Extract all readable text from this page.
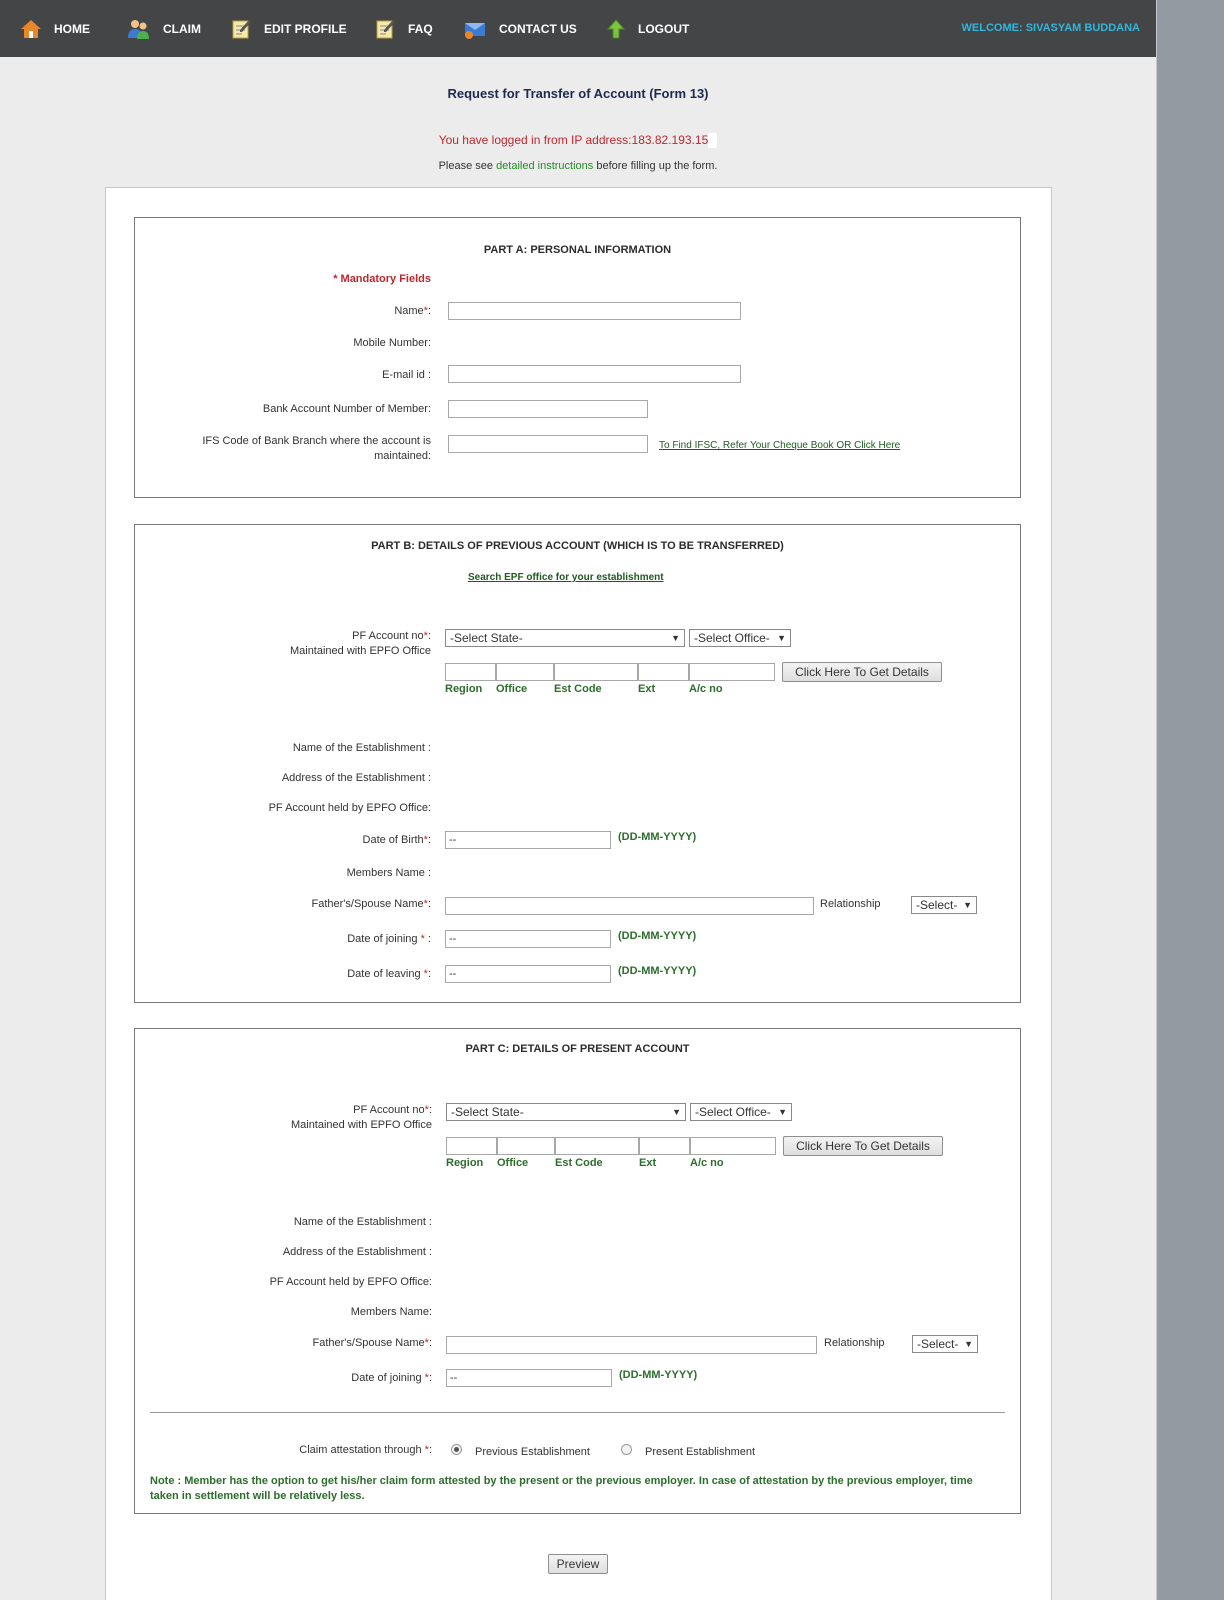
HOME	CLAIM	EDIT PROFILE	FAQ	CONTACT US	LOGOUT	WELCOME: SIVASYAM BUDDANA
Request for Transfer of Account (Form 13)
You have logged in from IP address:183.82.193.15
Please see detailed instructions before filling up the form.
PART A: PERSONAL INFORMATION
* Mandatory Fields
Name*:
Mobile Number:
E-mail id :
Bank Account Number of Member:
IFS Code of Bank Branch where the account is maintained:
To Find IFSC, Refer Your Cheque Book OR Click Here
PART B: DETAILS OF PREVIOUS ACCOUNT (WHICH IS TO BE TRANSFERRED)
Search EPF office for your establishment
PF Account no*:
Maintained with EPFO Office
-Select State-	▼	-Select Office- ▼
Click Here To Get Details
Region Office Est Code	Ext	A/c no
Name of the Establishment :
Address of the Establishment :
PF Account held by EPFO Office:
Date of Birth*:
--	(DD-MM-YYYY)
Members Name :
Father's/Spouse Name*:	Relationship	-Select- ▼
Date of joining * :
--	(DD-MM-YYYY)
Date of leaving *:
--	(DD-MM-YYYY)
PART C: DETAILS OF PRESENT ACCOUNT
PF Account no*:
Maintained with EPFO Office
-Select State-	▼	-Select Office- ▼
Click Here To Get Details
Region Office Est Code	Ext	A/c no
Name of the Establishment :
Address of the Establishment :
PF Account held by EPFO Office:
Members Name:
Father's/Spouse Name*:	Relationship	-Select- ▼
Date of joining *:
--	(DD-MM-YYYY)
Claim attestation through *:	Previous Establishment	Present Establishment
Note : Member has the option to get his/her claim form attested by the present or the previous employer. In case of attestation by the previous employer, time taken in settlement will be relatively less.
Preview
